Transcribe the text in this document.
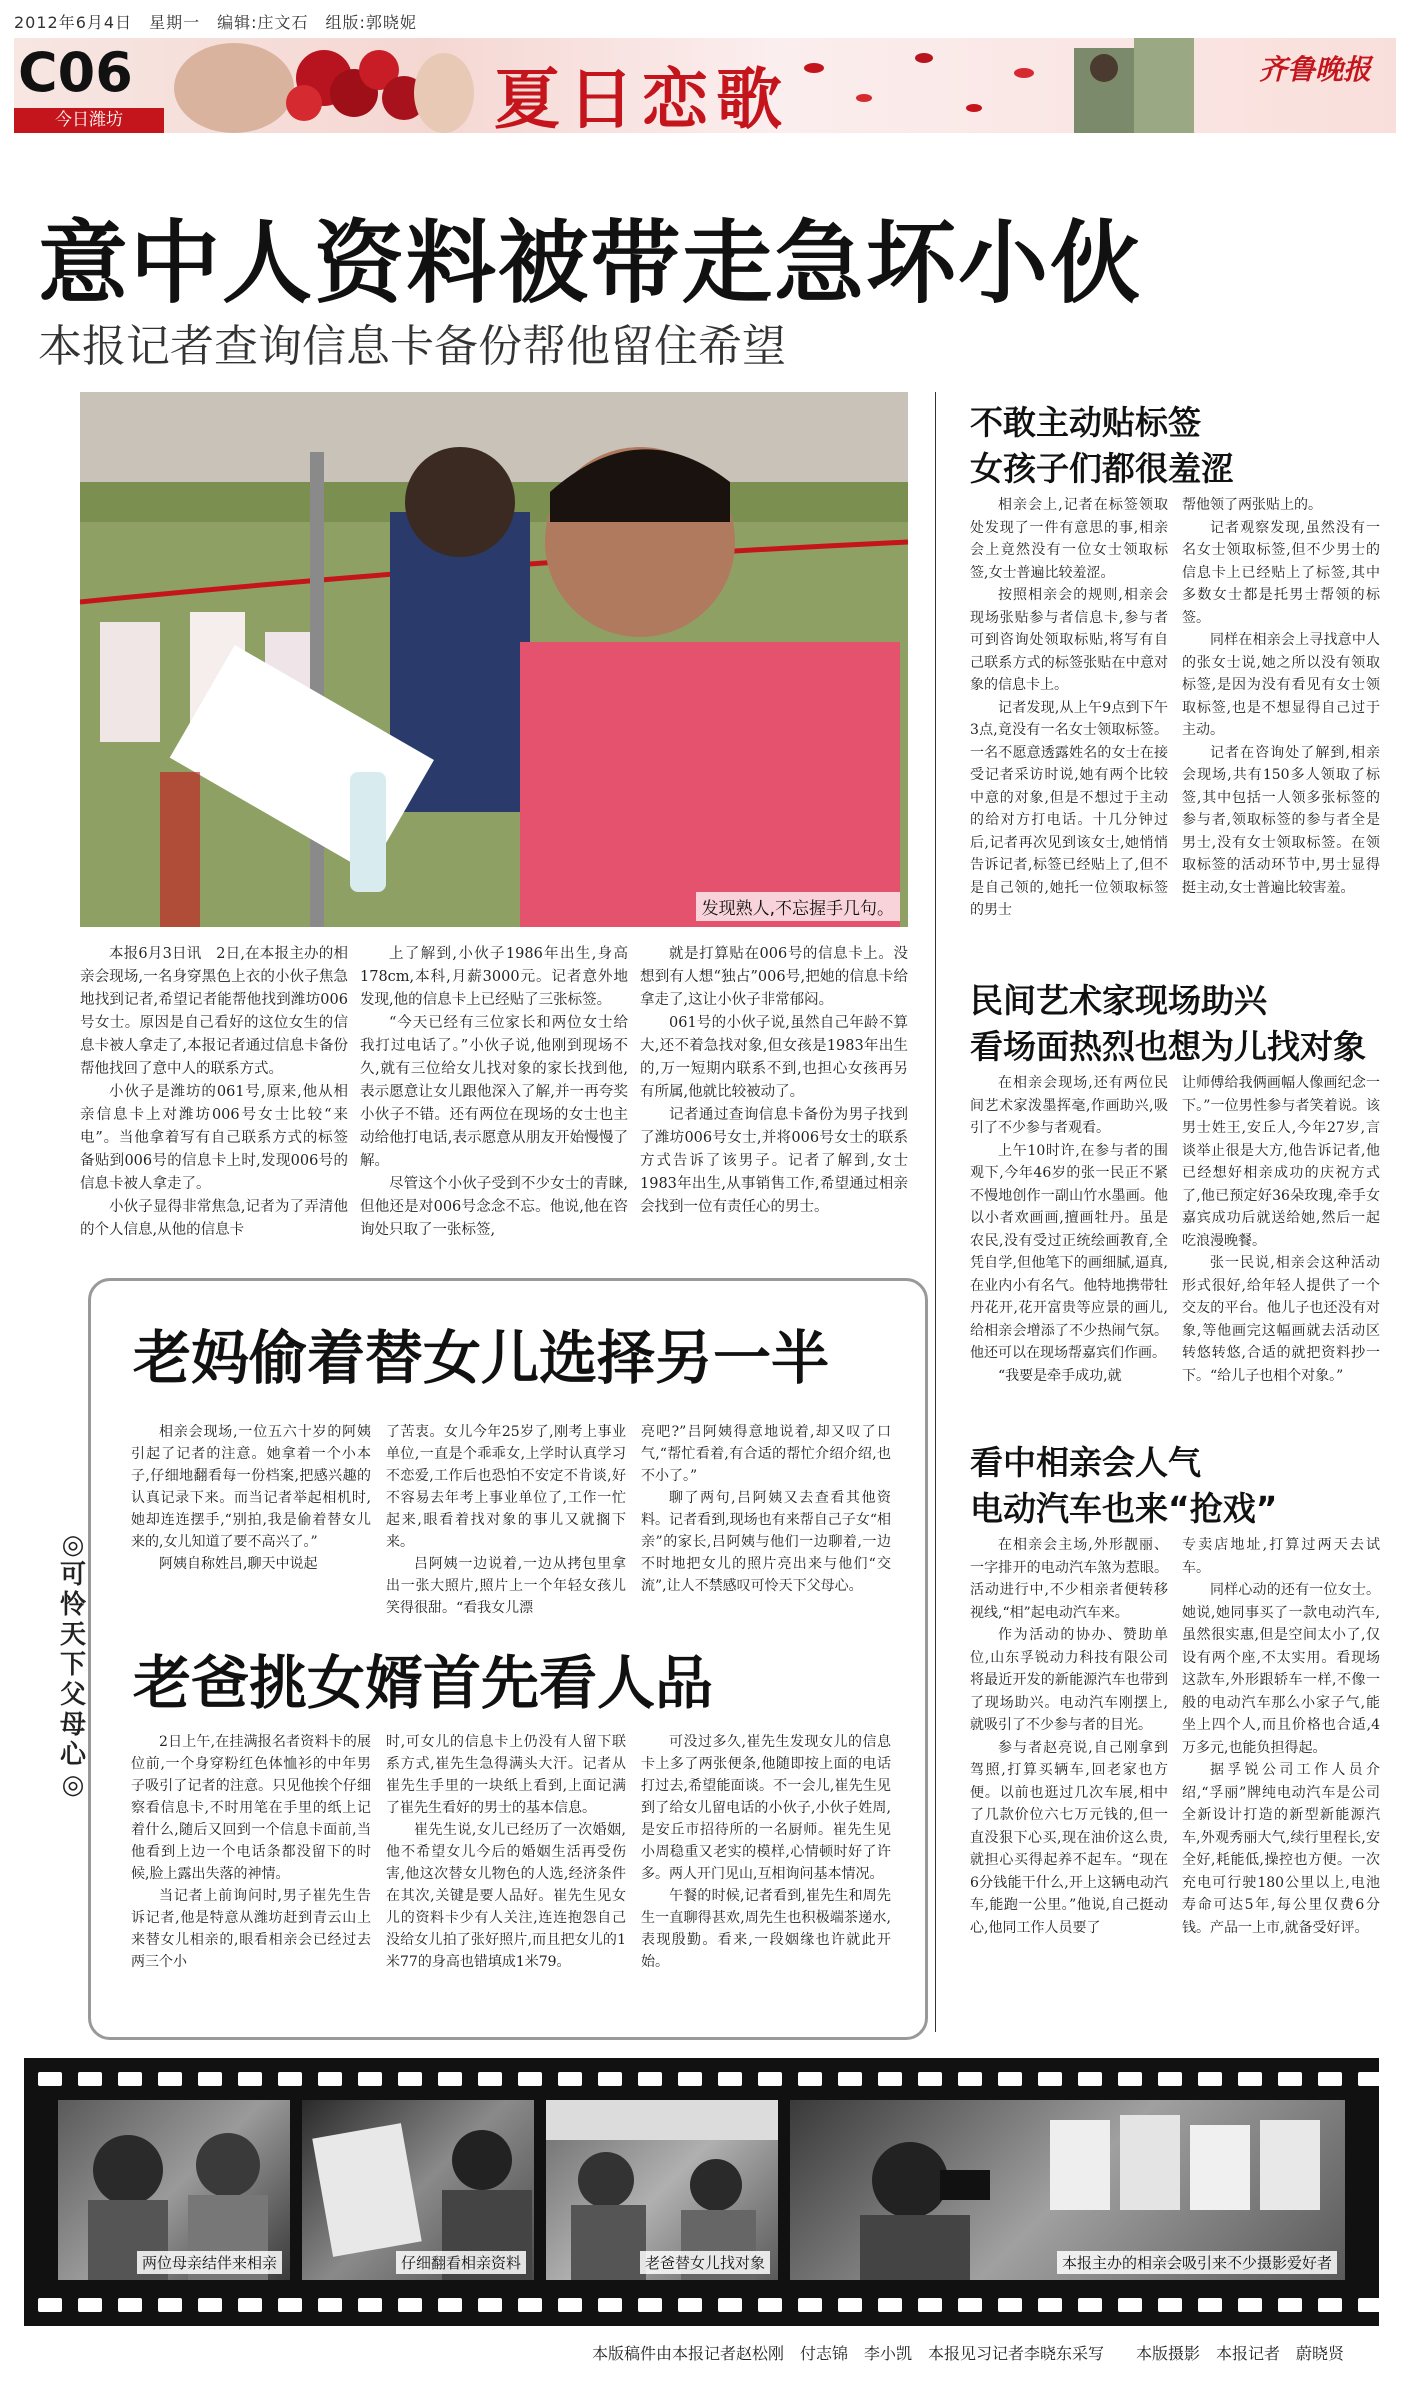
2012年6月4日　星期一　编辑:庄文石　组版:郭晓妮
C06
今日潍坊	夏日恋歌	齐鲁晚报
意中人资料被带走急坏小伙
本报记者查询信息卡备份帮他留住希望
发现熟人,不忘握手几句。

本报6月3日讯　2日,在本报主办的相亲会现场,一名身穿黑色上衣的小伙子焦急地找到记者,希望记者能帮他找到潍坊006号女士。原因是自己看好的这位女生的信息卡被人拿走了,本报记者通过信息卡备份帮他找回了意中人的联系方式。

小伙子是潍坊的061号,原来,他从相亲信息卡上对潍坊006号女士比较“来电”。当他拿着写有自己联系方式的标签备贴到006号的信息卡上时,发现006号的信息卡被人拿走了。

小伙子显得非常焦急,记者为了弄清他的个人信息,从他的信息卡

上了解到,小伙子1986年出生,身高178cm,本科,月薪3000元。记者意外地发现,他的信息卡上已经贴了三张标签。

“今天已经有三位家长和两位女士给我打过电话了。”小伙子说,他刚到现场不久,就有三位给女儿找对象的家长找到他,表示愿意让女儿跟他深入了解,并一再夸奖小伙子不错。还有两位在现场的女士也主动给他打电话,表示愿意从朋友开始慢慢了解。

尽管这个小伙子受到不少女士的青睐,但他还是对006号念念不忘。他说,他在咨询处只取了一张标签,

就是打算贴在006号的信息卡上。没想到有人想“独占”006号,把她的信息卡给拿走了,这让小伙子非常郁闷。

061号的小伙子说,虽然自己年龄不算大,还不着急找对象,但女孩是1983年出生的,万一短期内联系不到,也担心女孩再另有所属,他就比较被动了。

记者通过查询信息卡备份为男子找到了潍坊006号女士,并将006号女士的联系方式告诉了该男子。记者了解到,女士1983年出生,从事销售工作,希望通过相亲会找到一位有责任心的男士。

不敢主动贴标签
女孩子们都很羞涩

相亲会上,记者在标签领取处发现了一件有意思的事,相亲会上竟然没有一位女士领取标签,女士普遍比较羞涩。

按照相亲会的规则,相亲会现场张贴参与者信息卡,参与者可到咨询处领取标贴,将写有自己联系方式的标签张贴在中意对象的信息卡上。

记者发现,从上午9点到下午3点,竟没有一名女士领取标签。一名不愿意透露姓名的女士在接受记者采访时说,她有两个比较中意的对象,但是不想过于主动的给对方打电话。十几分钟过后,记者再次见到该女士,她悄悄告诉记者,标签已经贴上了,但不是自己领的,她托一位领取标签的男士

帮他领了两张贴上的。

记者观察发现,虽然没有一名女士领取标签,但不少男士的信息卡上已经贴上了标签,其中多数女士都是托男士帮领的标签。

同样在相亲会上寻找意中人的张女士说,她之所以没有领取标签,是因为没有看见有女士领取标签,也是不想显得自己过于主动。

记者在咨询处了解到,相亲会现场,共有150多人领取了标签,其中包括一人领多张标签的参与者,领取标签的参与者全是男士,没有女士领取标签。在领取标签的活动环节中,男士显得挺主动,女士普遍比较害羞。

民间艺术家现场助兴
看场面热烈也想为儿找对象

在相亲会现场,还有两位民间艺术家泼墨挥毫,作画助兴,吸引了不少参与者观看。

上午10时许,在参与者的围观下,今年46岁的张一民正不紧不慢地创作一副山竹水墨画。他以小者欢画画,擅画牡丹。虽是农民,没有受过正统绘画教育,全凭自学,但他笔下的画细腻,逼真,在业内小有名气。他特地携带牡丹花开,花开富贵等应景的画儿,给相亲会增添了不少热闹气氛。他还可以在现场帮嘉宾们作画。

“我要是牵手成功,就

让师傅给我俩画幅人像画纪念一下。”一位男性参与者笑着说。该男士姓王,安丘人,今年27岁,言谈举止很是大方,他告诉记者,他已经想好相亲成功的庆祝方式了,他已预定好36朵玫瑰,牵手女嘉宾成功后就送给她,然后一起吃浪漫晚餐。

张一民说,相亲会这种活动形式很好,给年轻人提供了一个交友的平台。他儿子也还没有对象,等他画完这幅画就去活动区转悠转悠,合适的就把资料抄一下。“给儿子也相个对象。”

看中相亲会人气
电动汽车也来“抢戏”

在相亲会主场,外形靓丽、一字排开的电动汽车煞为惹眼。活动进行中,不少相亲者便转移视线,“相”起电动汽车来。

作为活动的协办、赞助单位,山东孚锐动力科技有限公司将最近开发的新能源汽车也带到了现场助兴。电动汽车刚摆上,就吸引了不少参与者的目光。

参与者赵亮说,自己刚拿到驾照,打算买辆车,回老家也方便。以前也逛过几次车展,相中了几款价位六七万元钱的,但一直没狠下心买,现在油价这么贵,就担心买得起养不起车。“现在6分钱能干什么,开上这辆电动汽车,能跑一公里。”他说,自己挺动心,他同工作人员要了

专卖店地址,打算过两天去试车。

同样心动的还有一位女士。她说,她同事买了一款电动汽车,虽然很实惠,但是空间太小了,仅设有两个座,不太实用。看现场这款车,外形跟轿车一样,不像一般的电动汽车那么小家子气,能坐上四个人,而且价格也合适,4万多元,也能负担得起。

据孚锐公司工作人员介绍,“孚丽”牌纯电动汽车是公司全新设计打造的新型新能源汽车,外观秀丽大气,续行里程长,安全好,耗能低,操控也方便。一次充电可行驶180公里以上,电池寿命可达5年,每公里仅费6分钱。产品一上市,就备受好评。

◎可怜天下父母心◎
老妈偷着替女儿选择另一半

相亲会现场,一位五六十岁的阿姨引起了记者的注意。她拿着一个小本子,仔细地翻看每一份档案,把感兴趣的认真记录下来。而当记者举起相机时,她却连连摆手,“别拍,我是偷着替女儿来的,女儿知道了要不高兴了。”

阿姨自称姓吕,聊天中说起

了苦衷。女儿今年25岁了,刚考上事业单位,一直是个乖乖女,上学时认真学习不恋爱,工作后也恐怕不安定不肯谈,好不容易去年考上事业单位了,工作一忙起来,眼看着找对象的事儿又就搁下来。

吕阿姨一边说着,一边从拷包里拿出一张大照片,照片上一个年轻女孩儿笑得很甜。“看我女儿漂

亮吧?”吕阿姨得意地说着,却又叹了口气,“帮忙看着,有合适的帮忙介绍介绍,也不小了。”

聊了两句,吕阿姨又去查看其他资料。记者看到,现场也有来帮自己子女“相亲”的家长,吕阿姨与他们一边聊着,一边不时地把女儿的照片亮出来与他们“交流”,让人不禁感叹可怜天下父母心。

老爸挑女婿首先看人品

2日上午,在挂满报名者资料卡的展位前,一个身穿粉红色体恤衫的中年男子吸引了记者的注意。只见他挨个仔细察看信息卡,不时用笔在手里的纸上记着什么,随后又回到一个信息卡面前,当他看到上边一个电话条都没留下的时候,脸上露出失落的神情。

当记者上前询问时,男子崔先生告诉记者,他是特意从潍坊赶到青云山上来替女儿相亲的,眼看相亲会已经过去两三个小

时,可女儿的信息卡上仍没有人留下联系方式,崔先生急得满头大汗。记者从崔先生手里的一块纸上看到,上面记满了崔先生看好的男士的基本信息。

崔先生说,女儿已经历了一次婚姻,他不希望女儿今后的婚姻生活再受伤害,他这次替女儿物色的人选,经济条件在其次,关键是要人品好。崔先生见女儿的资料卡少有人关注,连连抱怨自己没给女儿拍了张好照片,而且把女儿的1米77的身高也错填成1米79。

可没过多久,崔先生发现女儿的信息卡上多了两张便条,他随即按上面的电话打过去,希望能面谈。不一会儿,崔先生见到了给女儿留电话的小伙子,小伙子姓周,是安丘市招待所的一名厨师。崔先生见小周稳重又老实的模样,心情顿时好了许多。两人开门见山,互相询问基本情况。

午餐的时候,记者看到,崔先生和周先生一直聊得甚欢,周先生也积极端茶递水,表现殷勤。看来,一段姻缘也许就此开始。

两位母亲结伴来相亲	仔细翻看相亲资料	老爸替女儿找对象	本报主办的相亲会吸引来不少摄影爱好者
本版稿件由本报记者赵松刚　付志锦　李小凯　本报见习记者李晓东采写　　本版摄影　本报记者　蔚晓贤
